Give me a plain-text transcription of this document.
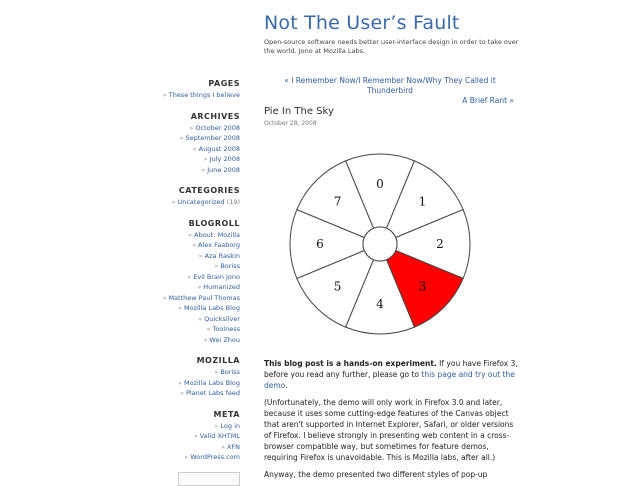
Not The User’s Fault
Open-source software needs better user-interface design in order to take over the world. Jono at Mozilla Labs.
PAGES
» These things I believe
ARCHIVES
» October 2008
» September 2008
» August 2008
» July 2008
» June 2008
CATEGORIES
» Uncategorized (19)
BLOGROLL
» About: Mozilla
» Alex Faaborg
» Aza Raskin
» Boriss
» Evil Brain Jono
» Humanized
» Matthew Paul Thomas
» Mozilla Labs Blog
» Quicksilver
» Toolness
» Wei Zhou
MOZILLA
» Boriss
» Mozilla Labs Blog
» Planet Labs feed
META
» Log in
» Valid XHTML
» XFN
» WordPress.com
« I Remember Now/I Remember Now/Why They Called it Thunderbird
A Brief Rant »
Pie In The Sky
October 28, 2008
0
1
2
3
4
5
6
7

This blog post is a hands-on experiment. If you have Firefox 3, before you read any further, please go to this page and try out the demo.

(Unfortunately, the demo will only work in Firefox 3.0 and later, because it uses some cutting-edge features of the Canvas object that aren't supported in Internet Explorer, Safari, or older versions of Firefox. I believe strongly in presenting web content in a cross-browser compatible way, but sometimes for feature demos, requiring Firefox is unavoidable. This is Mozilla labs, after all.)

Anyway, the demo presented two different styles of pop-up
